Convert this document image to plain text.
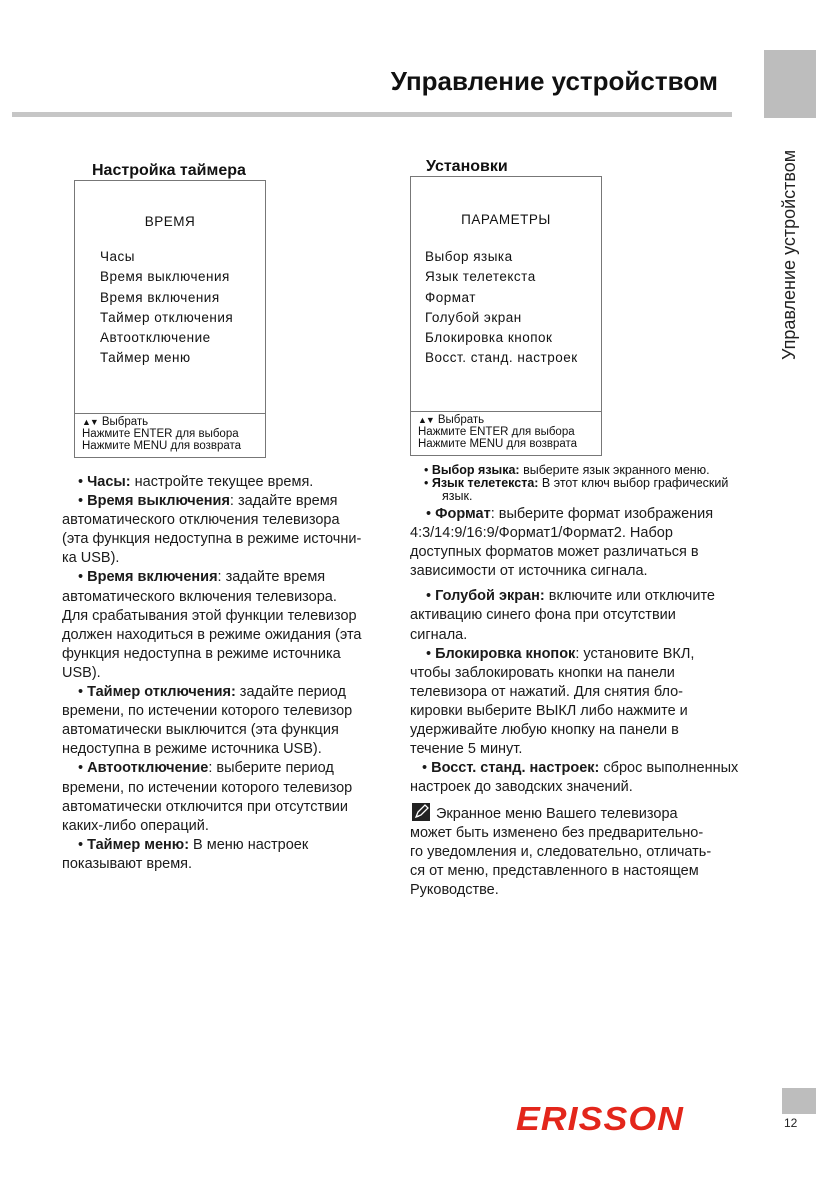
Управление устройством
Управление устройством
Настройка таймера
ВРЕМЯ
Часы
Время выключения
Время включения
Таймер отключения
Автоотключение
Таймер меню
▲▼ Выбрать
Нажмите ENTER для выбора
Нажмите MENU для возврата
Установки
ПАРАМЕТРЫ
Выбор языка
Язык телетекста
Формат
Голубой экран
Блокировка кнопок
Восст. станд. настроек
▲▼ Выбрать
Нажмите ENTER для выбора
Нажмите MENU для возврата

• Часы: настройте текущее время.

• Время выключения: задайте время

автоматического отключения телевизора

(эта функция недоступна в режиме источни-

ка USB).

• Время включения: задайте время

автоматического включения телевизора.

Для срабатывания этой функции телевизор

должен находиться в режиме ожидания (эта

функция недоступна в режиме источника

USB).

• Таймер отключения: задайте период

времени, по истечении которого телевизор

автоматически выключится (эта функция

недоступна в режиме источника USB).

• Автоотключение: выберите период

времени, по истечении которого телевизор

автоматически отключится при отсутствии

каких-либо операций.

• Таймер меню: В меню настроек

показывают время.

• Выбор языка: выберите язык экранного меню.

• Язык телетекста: В этот ключ выбор графический

язык.

• Формат: выберите формат изображения

4:3/14:9/16:9/Формат1/Формат2. Набор

доступных форматов может различаться в

зависимости от источника сигнала.

• Голубой экран: включите или отключите

активацию синего фона при отсутствии

сигнала.

• Блокировка кнопок: установите ВКЛ,

чтобы заблокировать кнопки на панели

телевизора от нажатий. Для снятия бло-

кировки выберите ВЫКЛ либо нажмите и

удерживайте любую кнопку на панели в

течение 5 минут.

• Восст. станд. настроек: сброс выполненных

настроек до заводских значений.

Экранное меню Вашего телевизора

может быть изменено без предварительно-

го уведомления и, следовательно, отличать-

ся от меню, представленного в настоящем

Руководстве.

ERISSON	12
